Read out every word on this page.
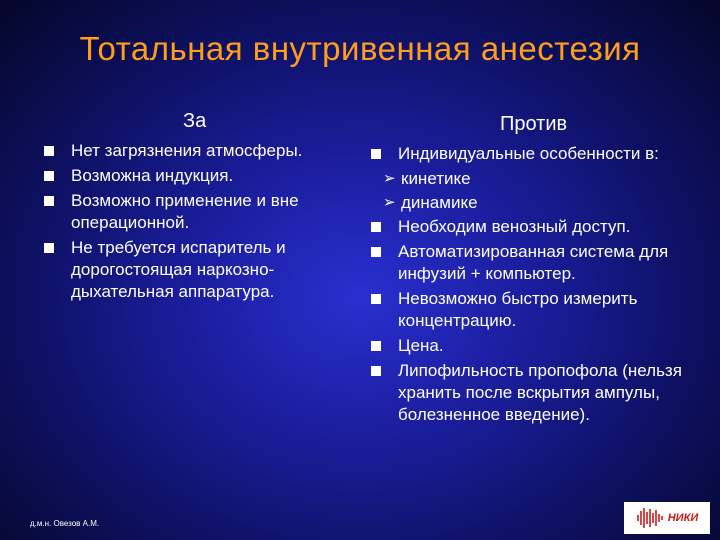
Тотальная внутривенная анестезия
За	Против
Нет загрязнения атмосферы.
Возможна индукция.
Возможно применение и вне операционной.
Не требуется испаритель и дорогостоящая наркозно-дыхательная аппаратура.
Индивидуальные особенности в:
➢ кинетике
➢ динамике
Необходим венозный доступ.
Автоматизированная система для инфузий + компьютер.
Невозможно быстро измерить концентрацию.
Цена.
Липофильность пропофола (нельзя хранить после вскрытия ампулы, болезненное введение).
д.м.н. Овезов А.М.	НИКИ
